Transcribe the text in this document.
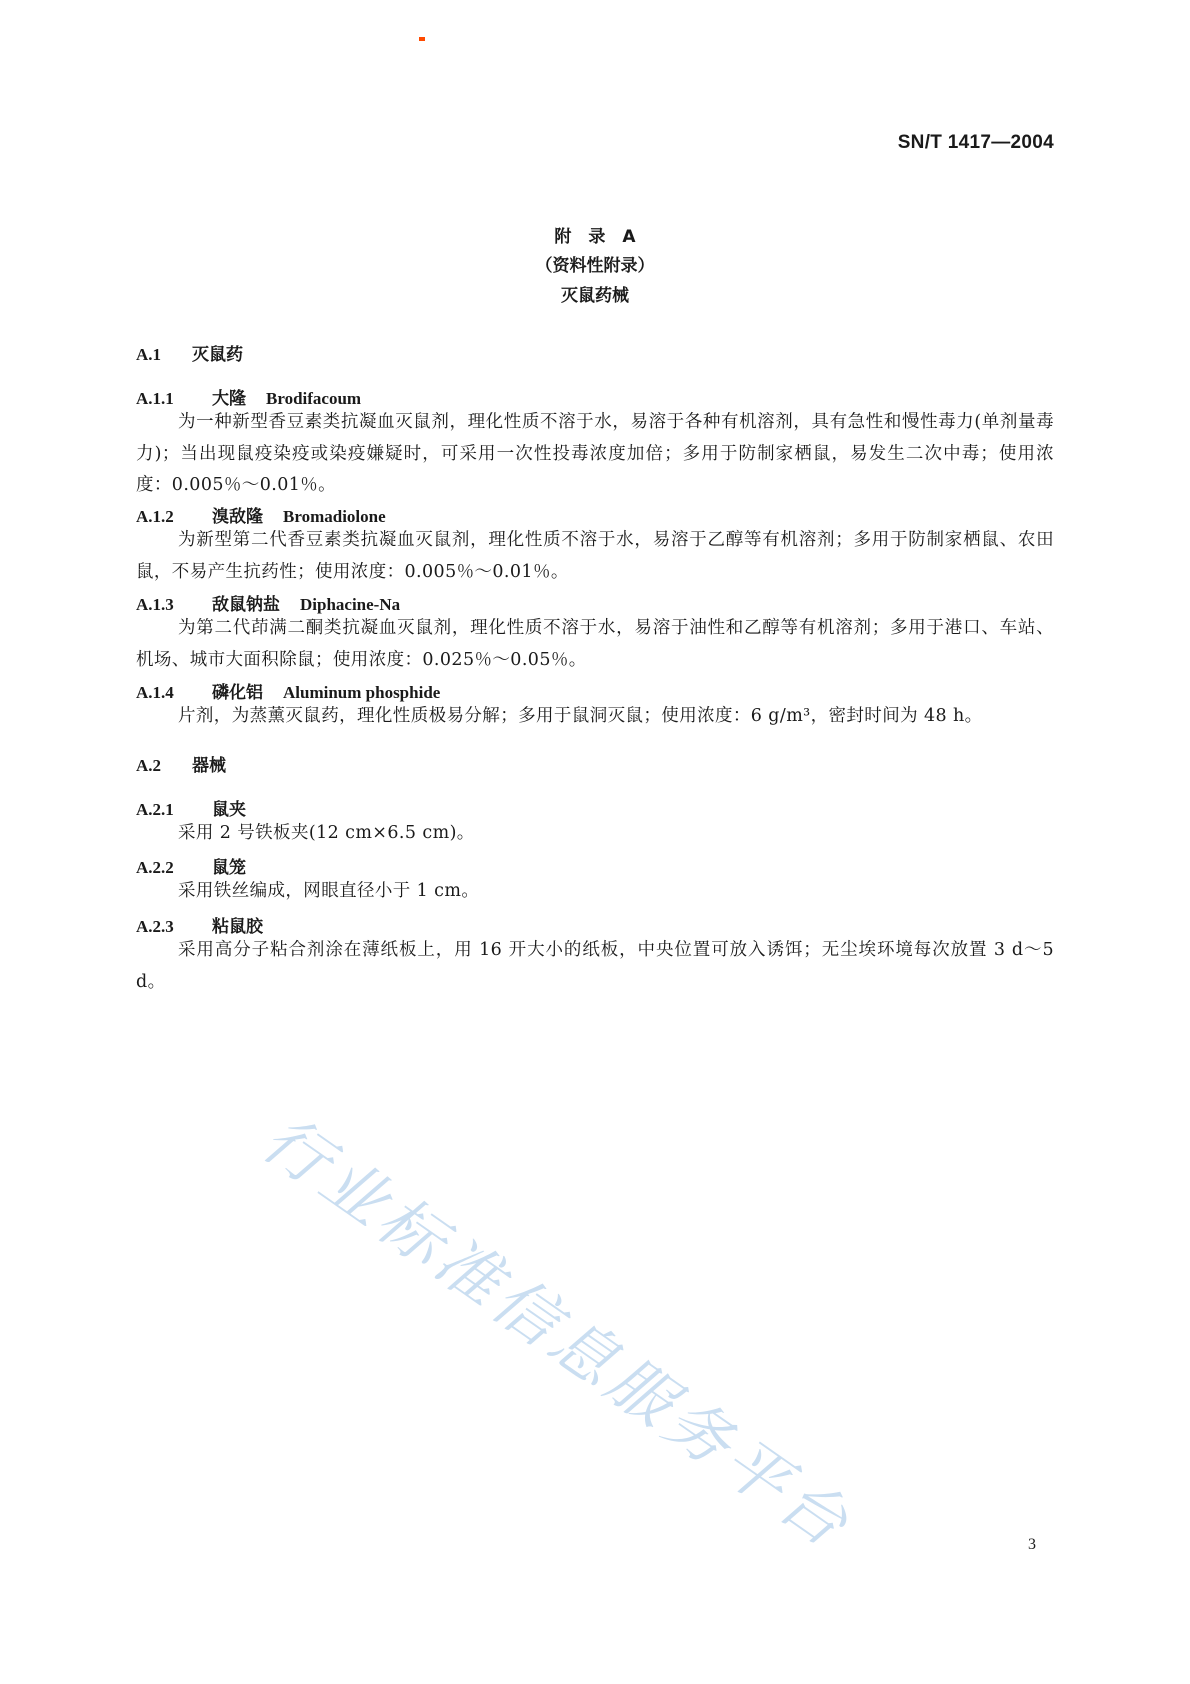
SN/T 1417—2004
附　录　A
（资料性附录）
灭鼠药械
A.1 灭鼠药
A.1.1 大隆 Brodifacoum
为一种新型香豆素类抗凝血灭鼠剂，理化性质不溶于水，易溶于各种有机溶剂，具有急性和慢性毒力(单剂量毒力)；当出现鼠疫染疫或染疫嫌疑时，可采用一次性投毒浓度加倍；多用于防制家栖鼠，易发生二次中毒；使用浓度：0.005％～0.01％。
A.1.2 溴敌隆 Bromadiolone
为新型第二代香豆素类抗凝血灭鼠剂，理化性质不溶于水，易溶于乙醇等有机溶剂；多用于防制家栖鼠、农田鼠，不易产生抗药性；使用浓度：0.005％～0.01％。
A.1.3 敌鼠钠盐 Diphacine-Na
为第二代茚满二酮类抗凝血灭鼠剂，理化性质不溶于水，易溶于油性和乙醇等有机溶剂；多用于港口、车站、机场、城市大面积除鼠；使用浓度：0.025％～0.05％。
A.1.4 磷化铝 Aluminum phosphide
片剂，为蒸薰灭鼠药，理化性质极易分解；多用于鼠洞灭鼠；使用浓度：6 g/m³，密封时间为 48 h。
A.2 器械
A.2.1 鼠夹
采用 2 号铁板夹(12 cm×6.5 cm)。
A.2.2 鼠笼
采用铁丝编成，网眼直径小于 1 cm。
A.2.3 粘鼠胶
采用高分子粘合剂涂在薄纸板上，用 16 开大小的纸板，中央位置可放入诱饵；无尘埃环境每次放置 3 d～5 d。
行业标准信息服务平台	3
